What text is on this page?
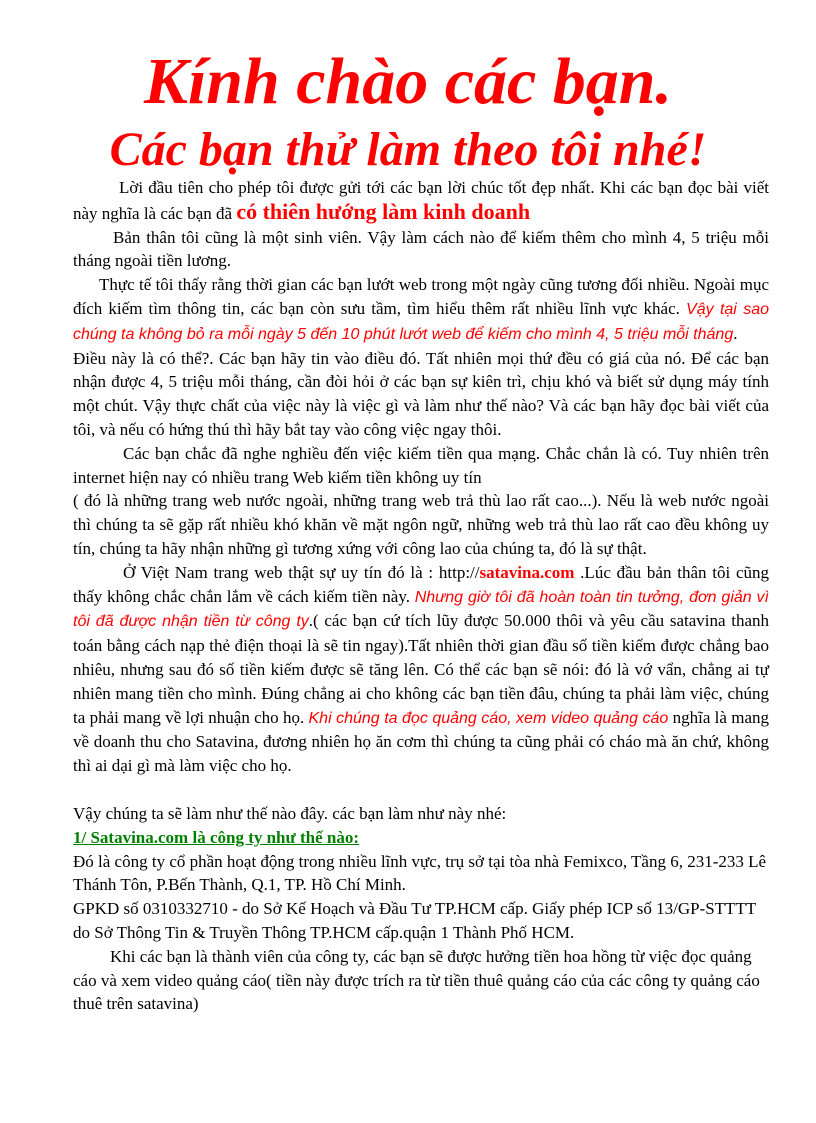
Kính chào các bạn.
Các bạn thử làm theo tôi nhé!

Lời đầu tiên cho phép tôi được gửi tới các bạn lời chúc tốt đẹp nhất. Khi các bạn đọc bài viết này nghĩa là các bạn đã có thiên hướng làm kinh doanh

Bản thân tôi cũng là một sinh viên. Vậy làm cách nào để kiếm thêm cho mình 4, 5 triệu mỗi tháng ngoài tiền lương.

Thực tế tôi thấy rằng thời gian các bạn lướt web trong một ngày cũng tương đối nhiều. Ngoài mục đích kiếm tìm thông tin, các bạn còn sưu tầm, tìm hiểu thêm rất nhiều lĩnh vực khác. Vậy tại sao chúng ta không bỏ ra mỗi ngày 5 đến 10 phút lướt web để kiếm cho mình 4, 5 triệu mỗi tháng.

Điều này là có thể?. Các bạn hãy tin vào điều đó. Tất nhiên mọi thứ đều có giá của nó. Để các bạn nhận được 4, 5 triệu mỗi tháng, cần đòi hỏi ở các bạn sự kiên trì, chịu khó và biết sử dụng máy tính một chút. Vậy thực chất của việc này là việc gì và làm như thế nào? Và các bạn hãy đọc bài viết của tôi, và nếu có hứng thú thì hãy bắt tay vào công việc ngay thôi.

Các bạn chắc đã nghe nghiều đến việc kiếm tiền qua mạng. Chắc chắn là có. Tuy nhiên trên internet hiện nay có nhiều trang Web kiếm tiền không uy tín

( đó là những trang web nước ngoài, những trang web trả thù lao rất cao...). Nếu là web nước ngoài thì chúng ta sẽ gặp rất nhiều khó khăn về mặt ngôn ngữ, những web trả thù lao rất cao đều không uy tín, chúng ta hãy nhận những gì tương xứng với công lao của chúng ta, đó là sự thật.

Ở Việt Nam trang web thật sự uy tín đó là : http://satavina.com .Lúc đầu bản thân tôi cũng thấy không chắc chắn lắm về cách kiếm tiền này. Nhưng giờ tôi đã hoàn toàn tin tưởng, đơn giản vì tôi đã được nhận tiền từ công ty.( các bạn cứ tích lũy được 50.000 thôi và yêu cầu satavina thanh toán bằng cách nạp thẻ điện thoại là sẽ tin ngay).Tất nhiên thời gian đầu số tiền kiếm được chẳng bao nhiêu, nhưng sau đó số tiền kiếm được sẽ tăng lên. Có thể các bạn sẽ nói: đó là vớ vẩn, chẳng ai tự nhiên mang tiền cho mình. Đúng chẳng ai cho không các bạn tiền đâu, chúng ta phải làm việc, chúng ta phải mang về lợi nhuận cho họ. Khi chúng ta đọc quảng cáo, xem video quảng cáo nghĩa là mang về doanh thu cho Satavina, đương nhiên họ ăn cơm thì chúng ta cũng phải có cháo mà ăn chứ, không thì ai dại gì mà làm việc cho họ.

Vậy chúng ta sẽ làm như thế nào đây. các bạn làm như này nhé:

1/ Satavina.com là công ty như thế nào:

Đó là công ty cổ phần hoạt động trong nhiều lĩnh vực, trụ sở tại tòa nhà Femixco, Tầng 6, 231-233 Lê Thánh Tôn, P.Bến Thành, Q.1, TP. Hồ Chí Minh.

GPKD số 0310332710 - do Sở Kế Hoạch và Đầu Tư TP.HCM cấp. Giấy phép ICP số 13/GP-STTTT do Sở Thông Tin & Truyền Thông TP.HCM cấp.quận 1 Thành Phố HCM.

Khi các bạn là thành viên của công ty, các bạn sẽ được hưởng tiền hoa hồng từ việc đọc quảng cáo và xem video quảng cáo( tiền này được trích ra từ tiền thuê quảng cáo của các công ty quảng cáo thuê trên satavina)
